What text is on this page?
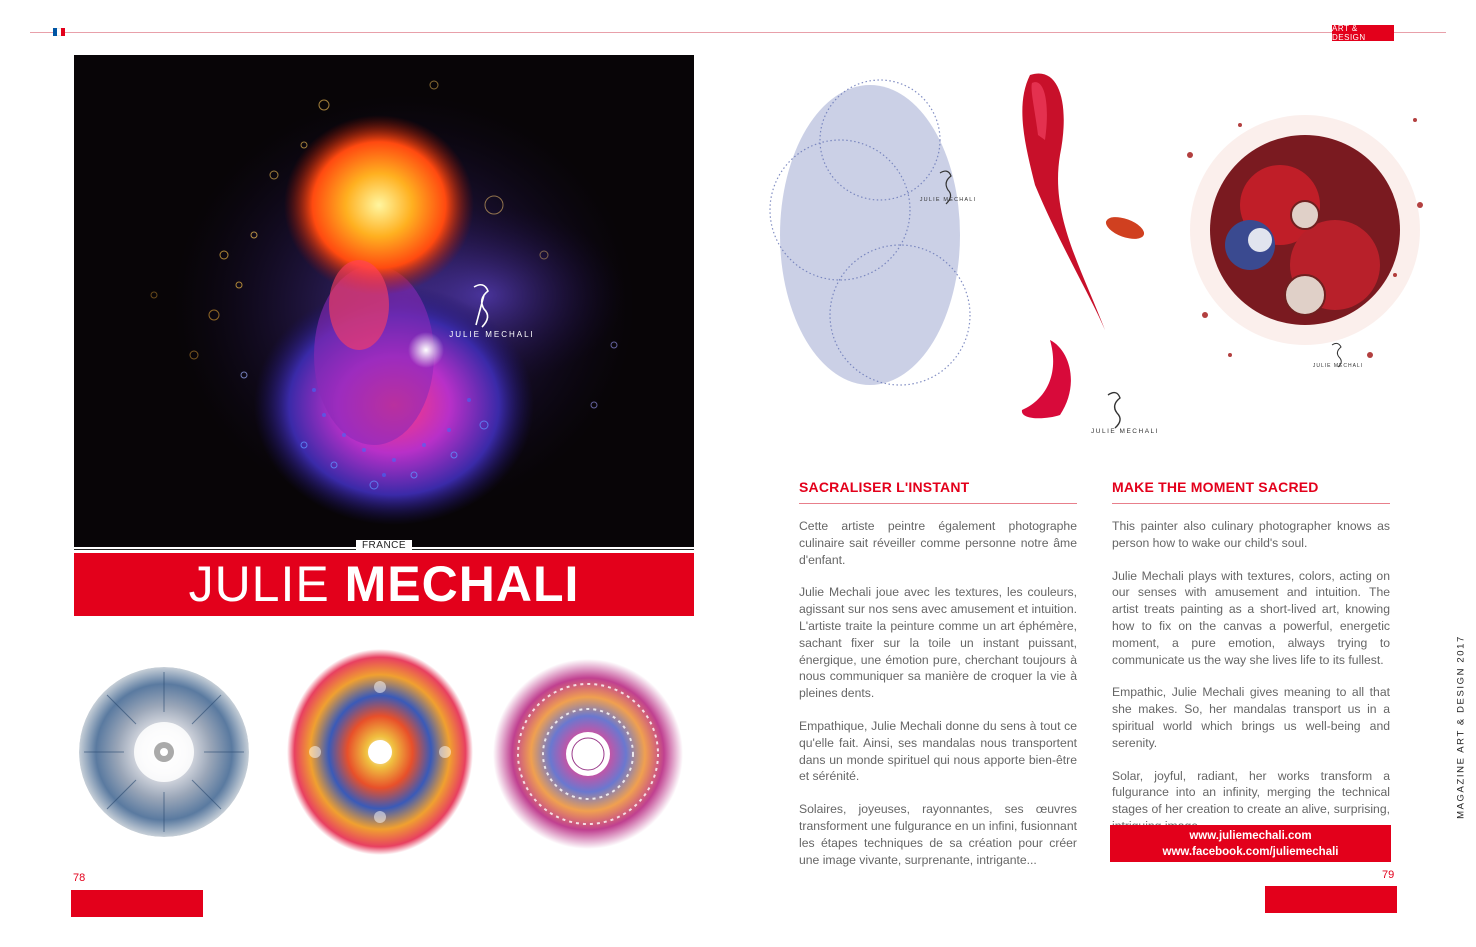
ART & DESIGN
JULIE MECHALI
FRANCE
JULIE MECHALI
78	79
JULIE MECHALI
JULIE MECHALI
JULIE MECHALI
SACRALISER L'INSTANT

Cette artiste peintre également photographe culinaire sait réveiller comme personne notre âme d'enfant.

Julie Mechali joue avec les textures, les couleurs, agissant sur nos sens avec amusement et intuition. L'artiste traite la peinture comme un art éphémère, sachant fixer sur la toile un instant puissant, énergique, une émotion pure, cherchant toujours à nous communiquer sa manière de croquer la vie à pleines dents.

Empathique, Julie Mechali donne du sens à tout ce qu'elle fait. Ainsi, ses mandalas nous transportent dans un monde spirituel qui nous apporte bien-être et sérénité.

Solaires, joyeuses, rayonnantes, ses œuvres transforment une fulgurance en un infini, fusionnant les étapes techniques de sa création pour créer une image vivante, surprenante, intrigante...

MAKE THE MOMENT SACRED

This painter also culinary photographer knows as person how to wake our child's soul.

Julie Mechali plays with textures, colors, acting on our senses with amusement and intuition. The artist treats painting as a short-lived art, knowing how to fix on the canvas a powerful, energetic moment, a pure emotion, always trying to communicate us the way she lives life to its fullest.

Empathic, Julie Mechali gives meaning to all that she makes. So, her mandalas transport us in a spiritual world which brings us well-being and serenity.

Solar, joyful, radiant, her works transform a fulgurance into an infinity, merging the technical stages of her creation to create an alive, surprising,

www.juliemechali.com
www.facebook.com/juliemechali
MAGAZINE ART & DESIGN 2017
